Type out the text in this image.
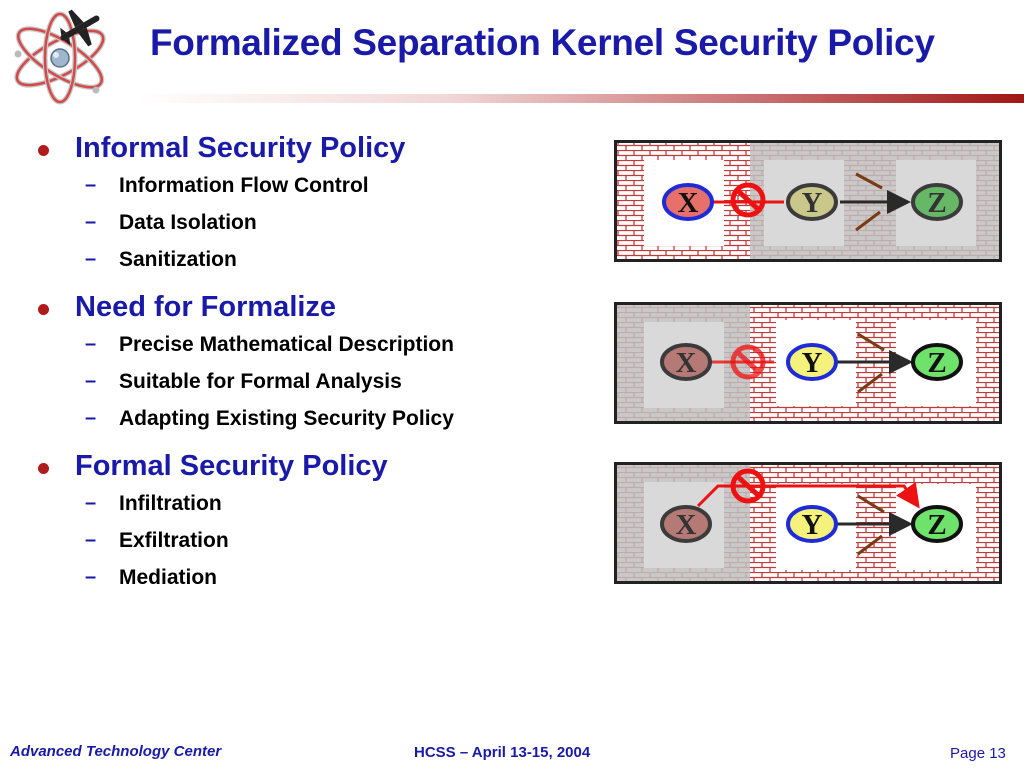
Formalized Separation Kernel Security Policy
Informal Security Policy
– Information Flow Control
– Data Isolation
– Sanitization
Need for Formalize
– Precise Mathematical Description
– Suitable for Formal Analysis
– Adapting Existing Security Policy
Formal Security Policy
– Infiltration
– Exfiltration
– Mediation
X	Y	Z
X	Y	Z
X	Y	Z
Advanced Technology Center	HCSS – April 13-15, 2004	Page 13
